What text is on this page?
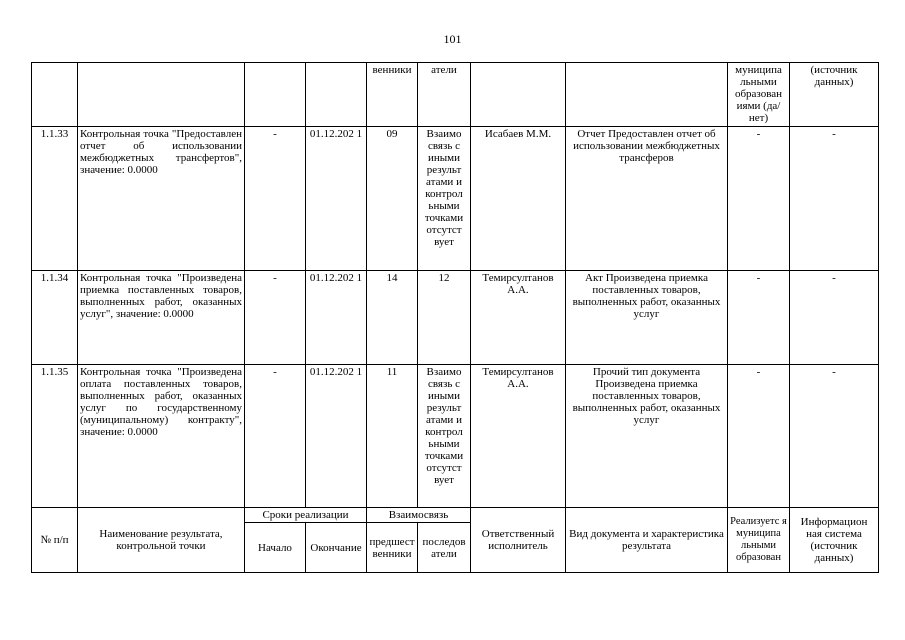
101
				венники	атели			муниципа льными образован иями (да/нет)	(источник данных)
1.1.33	Контрольная точка "Предоставлен отчет об использовании межбюджетных трансфертов", значение: 0.0000	-	01.12.202 1	09	Взаимо связь с иными результ атами и контрол ьными точками отсутст вует	Исабаев М.М.	Отчет Предоставлен отчет об использовании межбюджетных трансферов	-	-
1.1.34	Контрольная точка "Произведена приемка поставленных товаров, выполненных работ, оказанных услуг", значение: 0.0000	-	01.12.202 1	14	12	Темирсултанов А.А.	Акт Произведена приемка поставленных товаров, выполненных работ, оказанных услуг	-	-
1.1.35	Контрольная точка "Произведена оплата поставленных товаров, выполненных работ, оказанных услуг по государственному (муниципальному) контракту", значение: 0.0000	-	01.12.202 1	11	Взаимо связь с иными результ атами и контрол ьными точками отсутст вует	Темирсултанов А.А.	Прочий тип документа Произведена приемка поставленных товаров, выполненных работ, оказанных услуг	-	-
№ п/п	Наименование результата, контрольной точки	Сроки реализации		Взаимосвязь		Ответственный исполнитель	Вид документа и характеристика результата	Реализуетс я муниципа льными образован	Информацион ная система (источник данных)
		Начало	Окончание	предшест венники	последов атели				
